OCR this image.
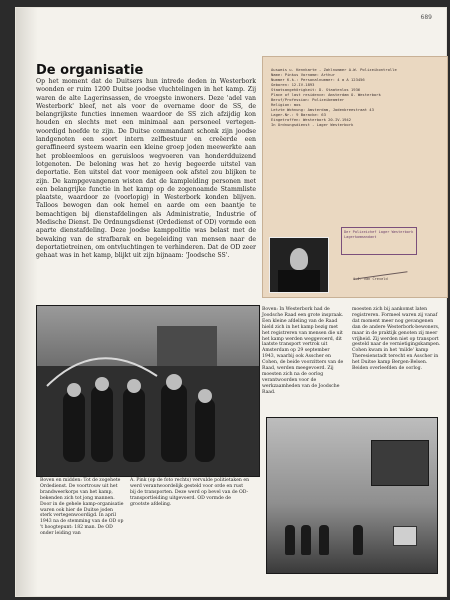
689
De organisatie
Op het moment dat de Duitsers hun intrede deden in Westerbork woonden er ruim 1200 Duitse joodse vluchtelingen in het kamp. Zij waren de alte Lagerinsassen, de vroegste inwoners. Deze 'adel van Westerbork' bleef, net als voor de overname door de SS, de belangrijkste functies innemen waardoor de SS zich afzijdig kon houden en slechts met een minimaal aan personeel vertegen- woordigd hoefde te zijn. De Duitse commandant schonk zijn joodse landgenoten een soort intern zelfbestuur en creëerde een geraffineerd systeem waarin een kleine groep joden meewerkte aan het probleemloos en geruisloos wegvoeren van honderdduizend lotgenoten. De beloning was het zo hevig begeerde uitstel van deportatie. Een uitstel dat voor menigeen ook afstel zou blijken te zijn. De kampgevangenen wisten dat de kampleiding personen met een belangrijke functie in het kamp op de zogenoamde Stammliste plaatste, waardoor ze (voorlopig) in Westerbork konden blijven. Talloos bewogen dan ook hemel en aarde om een baantje te bemachtigen bij dienstafdelingen als Administratie, Industrie of Medische Dienst. De Ordnungsdienst (Ordedienst of OD) vormde een aparte dienstafdeling. Deze joodse kamppolitie was belast met de bewaking van de strafbarak en begeleiding van mensen naar de deportatietreinen, om ontvluchtingen te verhinderen. Dat de OD zeer gehaat was in het kamp, blijkt uit zijn bijnaam: 'Joodsche SS'.
Ausweis u. Kennkarte - Zahlnummer A.W. Polizeikontrolle
Name: Pinkus Vorname: Arthur
Nummer K.k.: Personalnummer: 4 a A 123456
Geboren: 12.IV.1893
Staatsangehörigkeit: D. Staatenlos 1936
Place of last residence: Amsterdam O. Westerbork
Beruf/Profession: Polizeibeamter
Religion: mos
Letzte Wohnung: Amsterdam, Jodenbreestraat 43
Lager-Nr.: 9 Baracke: 63
Eingetroffen: Westerbork 20.IV.1942
In Ordnungsdienst - Lager Westerbork
Der Polizeichef Lager Westerbork Lagerkommandant
A.J. van Creveld
Boven en midden: Tot de zogehete Ordedienst. De voortrouw uit het brandweerkorps van het kamp, bekenden zich tot jong mannen. Door in de gehele kamp-organisatie waren ook hier de Duitse joden sterk vertegenwoordigd. In april 1943 na de stemming van de OD op 't hoogtepunt: 182 man. De OD onder leiding van
A. Pink (op de foto rechts) vervulde politietaken en werd verantwoordelijk gesteld voor orde en rust bij de transporten. Deze werd op bevel van de OD-transportleiding uitgevoerd. OD vormde de grootste afdeling.
Boven: In Westerbork had de Joodsche Raad een grote inspraak. Een kleine afdeling van de Raad hield zich in het kamp bezig met het registreren van mensen die uit het kamp werden weggevoerd, dit laatste transport vertrok uit Amsterdam op 29 september 1943, waarbij ook Asscher en Cohen, de beide voorzitters van de Raad, werden meegevoerd. Zij moesten zich na de oorlog verantwoorden voor de werkzaamheden van de Joodsche Raad.
moesten zich bij aankomst laten registreren. Formeel waren zij vanaf dat moment meer nog gevangenen dan de andere Westerbork-bewoners, maar in de praktijk genoten zij meer vrijheid. Zij werden niet op transport gesteld naar de vernietigingskampen. Cohen kwam in het 'milde' kamp Theresienstadt terecht en Asscher in het Duitse kamp Bergen-Belsen. Beiden overleefden de oorlog.
